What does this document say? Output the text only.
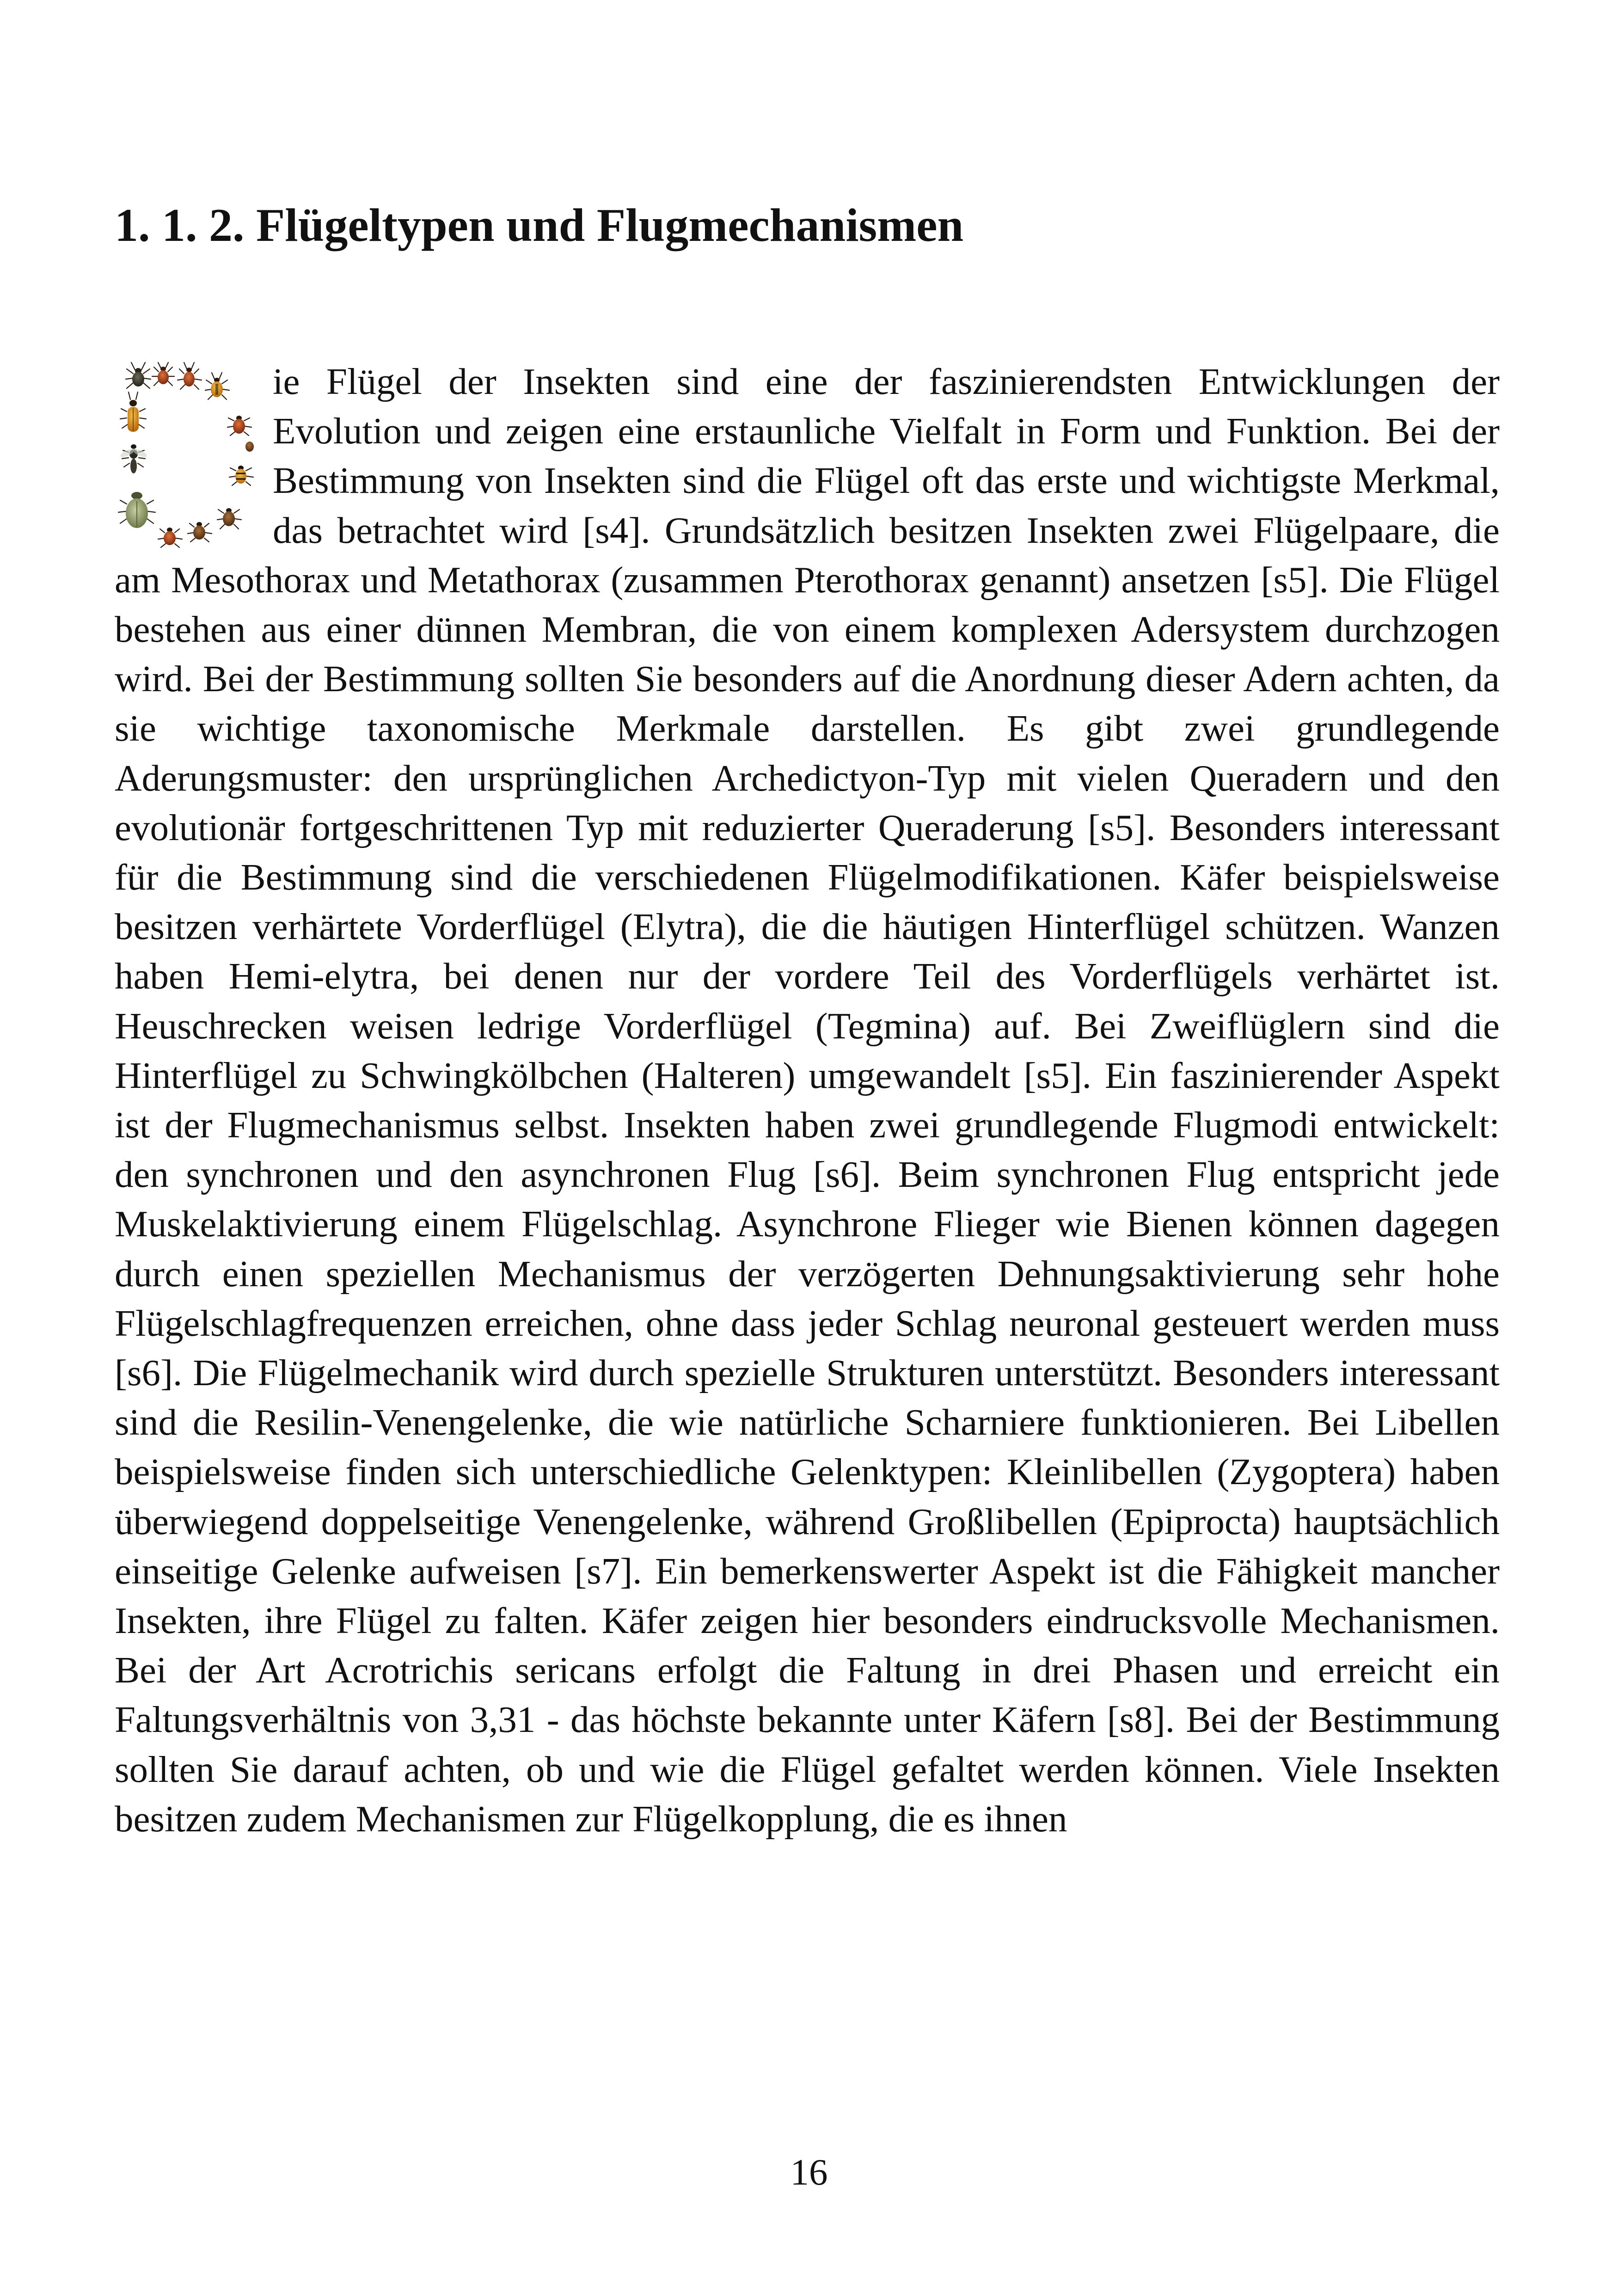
1. 1. 2. Flügeltypen und Flugmechanismen

ie Flügel der Insekten sind eine der faszinierendsten Entwicklungen der Evolution und zeigen eine erstaunliche Vielfalt in Form und Funktion. Bei der Bestimmung von Insekten sind die Flügel oft das erste und wichtigste Merkmal, das betrachtet wird [s4]. Grundsätzlich besitzen Insekten zwei Flügelpaare, die am Mesothorax und Metathorax (zusammen Pterothorax genannt) ansetzen [s5]. Die Flügel bestehen aus einer dünnen Membran, die von einem komplexen Adersystem durchzogen wird. Bei der Bestimmung sollten Sie besonders auf die Anordnung dieser Adern achten, da sie wichtige taxonomische Merkmale darstellen. Es gibt zwei grundlegende Aderungsmuster: den ursprünglichen Archedictyon-Typ mit vielen Queradern und den evolutionär fortgeschrittenen Typ mit reduzierter Queraderung [s5]. Besonders interessant für die Bestimmung sind die verschiedenen Flügelmodifikationen. Käfer beispielsweise besitzen verhärtete Vorderflügel (Elytra), die die häutigen Hinterflügel schützen. Wanzen haben Hemi-elytra, bei denen nur der vordere Teil des Vorderflügels verhärtet ist. Heuschrecken weisen ledrige Vorderflügel (Tegmina) auf. Bei Zweiflüglern sind die Hinterflügel zu Schwingkölbchen (Halteren) umgewandelt [s5]. Ein faszinierender Aspekt ist der Flugmechanismus selbst. Insekten haben zwei grundlegende Flugmodi entwickelt: den synchronen und den asynchronen Flug [s6]. Beim synchronen Flug entspricht jede Muskelaktivierung einem Flügelschlag. Asynchrone Flieger wie Bienen können dagegen durch einen speziellen Mechanismus der verzögerten Dehnungsaktivierung sehr hohe Flügelschlagfrequenzen erreichen, ohne dass jeder Schlag neuronal gesteuert werden muss [s6]. Die Flügelmechanik wird durch spezielle Strukturen unterstützt. Besonders interessant sind die Resilin-Venengelenke, die wie natürliche Scharniere funktionieren. Bei Libellen beispielsweise finden sich unterschiedliche Gelenktypen: Kleinlibellen (Zygoptera) haben überwiegend doppelseitige Venengelenke, während Großlibellen (Epiprocta) hauptsächlich einseitige Gelenke aufweisen [s7]. Ein bemerkenswerter Aspekt ist die Fähigkeit mancher Insekten, ihre Flügel zu falten. Käfer zeigen hier besonders eindrucksvolle Mechanismen. Bei der Art Acrotrichis sericans erfolgt die Faltung in drei Phasen und erreicht ein Faltungsverhältnis von 3,31 - das höchste bekannte unter Käfern [s8]. Bei der Bestimmung sollten Sie darauf achten, ob und wie die Flügel gefaltet werden können. Viele Insekten besitzen zudem Mechanismen zur Flügelkopplung, die es ihnen

16
